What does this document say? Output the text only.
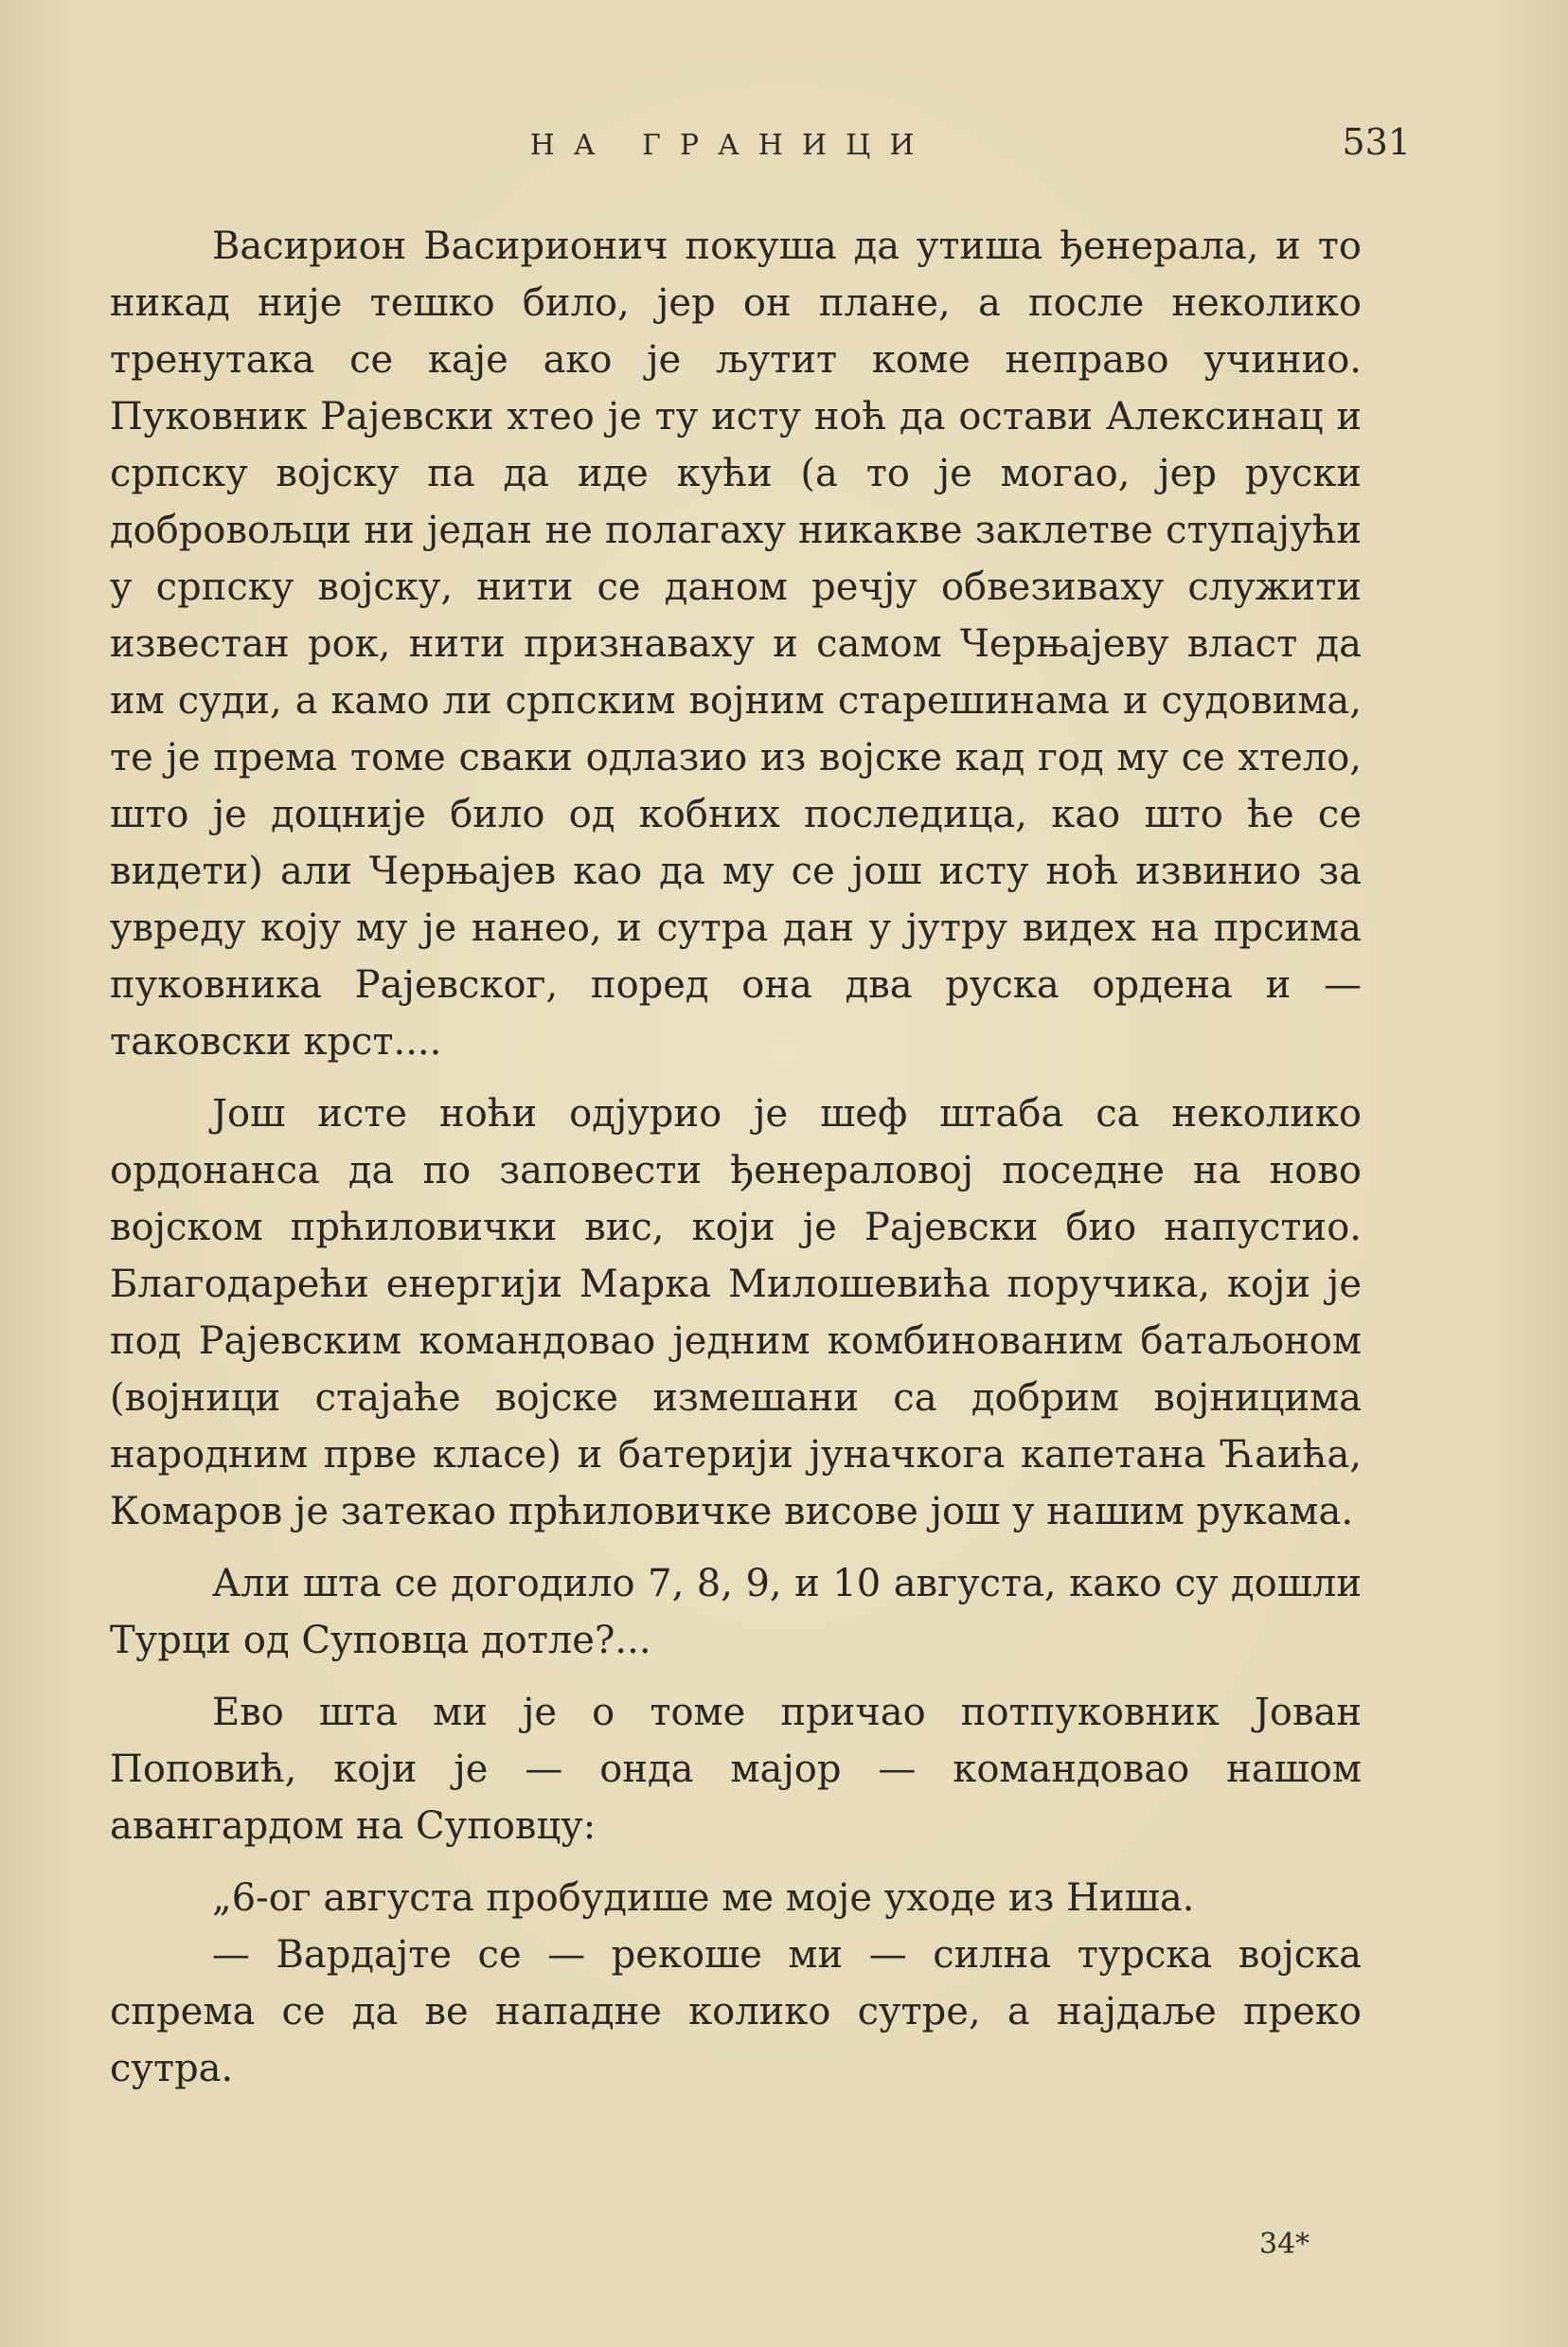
НА ГРАНИЦИ	531

Васирион Васирионич покуша да утиша ђенерала, и то никад није тешко било, јер он плане, а после неколико тренутака се каје ако је љутит коме неправо учинио. Пуковник Рајевски хтео је ту исту ноћ да остави Алексинац и српску војску па да иде кући (а то је могао, јер руски добровољци ни један не полагаху никакве заклетве ступајући у српску војску, нити се даном речју обвезиваху служити известан рок, нити признаваху и самом Черњајеву власт да им суди, а камо ли српским војним старешинама и судовима, те је према томе сваки одлазио из војске кад год му се хтело, што је доцније било од кобних последица, као што ће се видети) али Черњајев као да му се још исту ноћ извинио за увреду коју му је нанео, и сутра дан у јутру видех на прсима пуковника Рајевског, поред она два руска ордена и — таковски крст....

Још исте ноћи одјурио је шеф штаба са неколико ордонанса да по заповести ђенераловој поседне на ново војском прћиловички вис, који је Рајевски био напустио. Благодарећи енергији Марка Милошевића поручика, који је под Рајевским командовао једним комбинованим батаљоном (војници стајаће војске измешани са добрим војницима народним прве класе) и батерији јуначкога капетана Ћаића, Комаров је затекао прћиловичке висове још у нашим рукама.

Али шта се догодило 7, 8, 9, и 10 августа, како су дошли Турци од Суповца дотле?...

Ево шта ми је о томе причао потпуковник Јован Поповић, који је — онда мајор — командовао нашом авангардом на Суповцу:

„6-ог августа пробудише ме моје уходе из Ниша.

— Вардајте се — рекоше ми — силна турска војска спрема се да ве нападне колико сутре, а најдаље преко сутра.

34*
